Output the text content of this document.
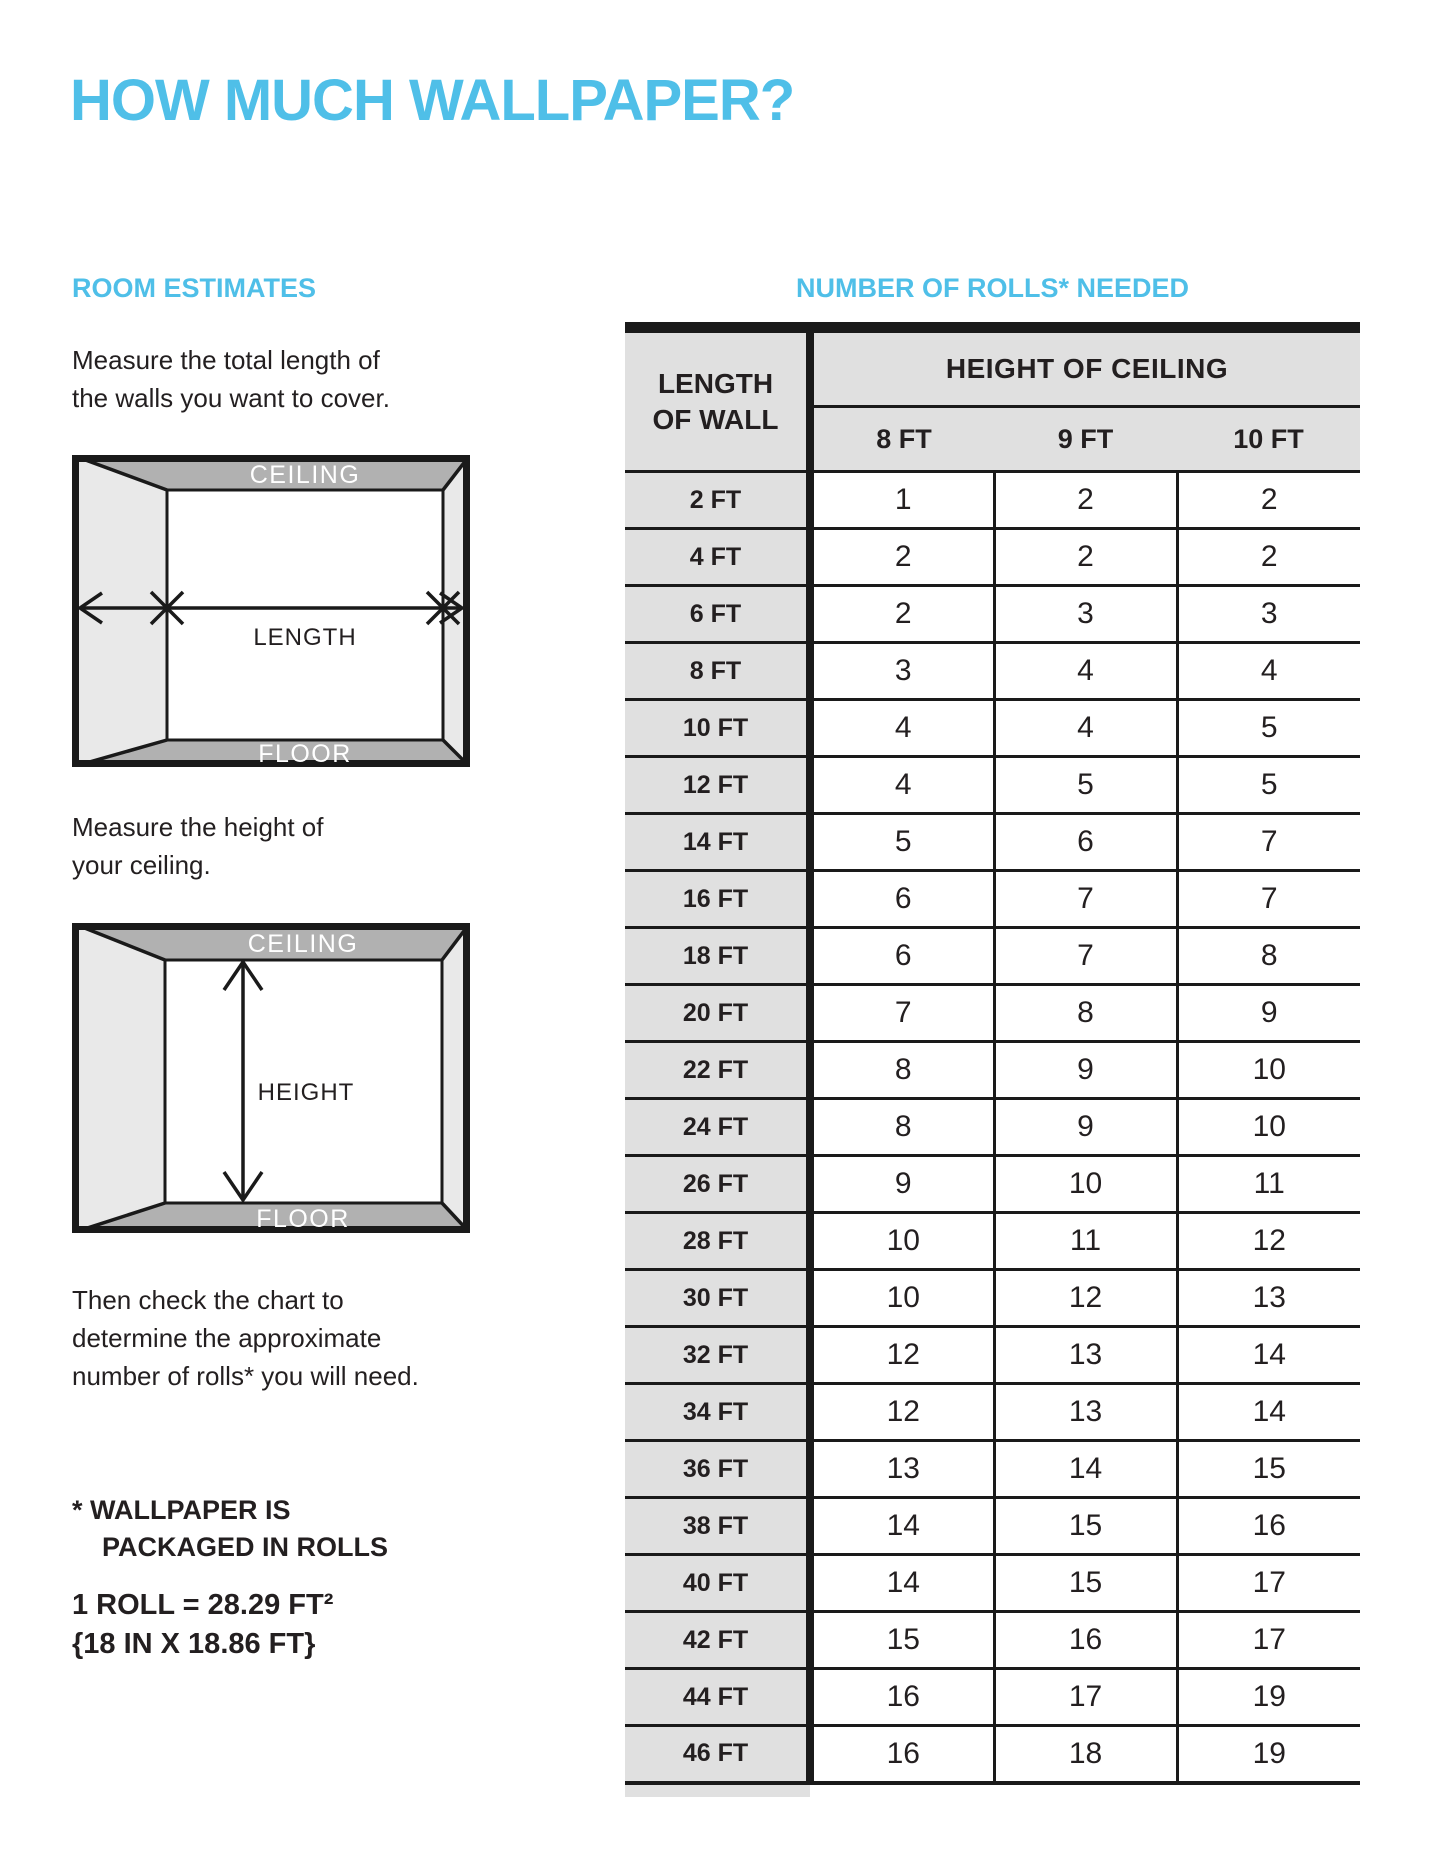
HOW MUCH WALLPAPER?
ROOM ESTIMATES	NUMBER OF ROLLS* NEEDED
Measure the total length of
the walls you want to cover.
CEILING
FLOOR
LENGTH
Measure the height of
your ceiling.
CEILING
FLOOR
HEIGHT
Then check the chart to
determine the approximate
number of rolls* you will need.
* WALLPAPER IS
PACKAGED IN ROLLS
1 ROLL = 28.29 FT²
{18 IN X 18.86 FT}
LENGTH
OF WALL	HEIGHT OF CEILING		
	8 FT	9 FT	10 FT
2 FT	1	2	2
4 FT	2	2	2
6 FT	2	3	3
8 FT	3	4	4
10 FT	4	4	5
12 FT	4	5	5
14 FT	5	6	7
16 FT	6	7	7
18 FT	6	7	8
20 FT	7	8	9
22 FT	8	9	10
24 FT	8	9	10
26 FT	9	10	11
28 FT	10	11	12
30 FT	10	12	13
32 FT	12	13	14
34 FT	12	13	14
36 FT	13	14	15
38 FT	14	15	16
40 FT	14	15	17
42 FT	15	16	17
44 FT	16	17	19
46 FT	16	18	19
